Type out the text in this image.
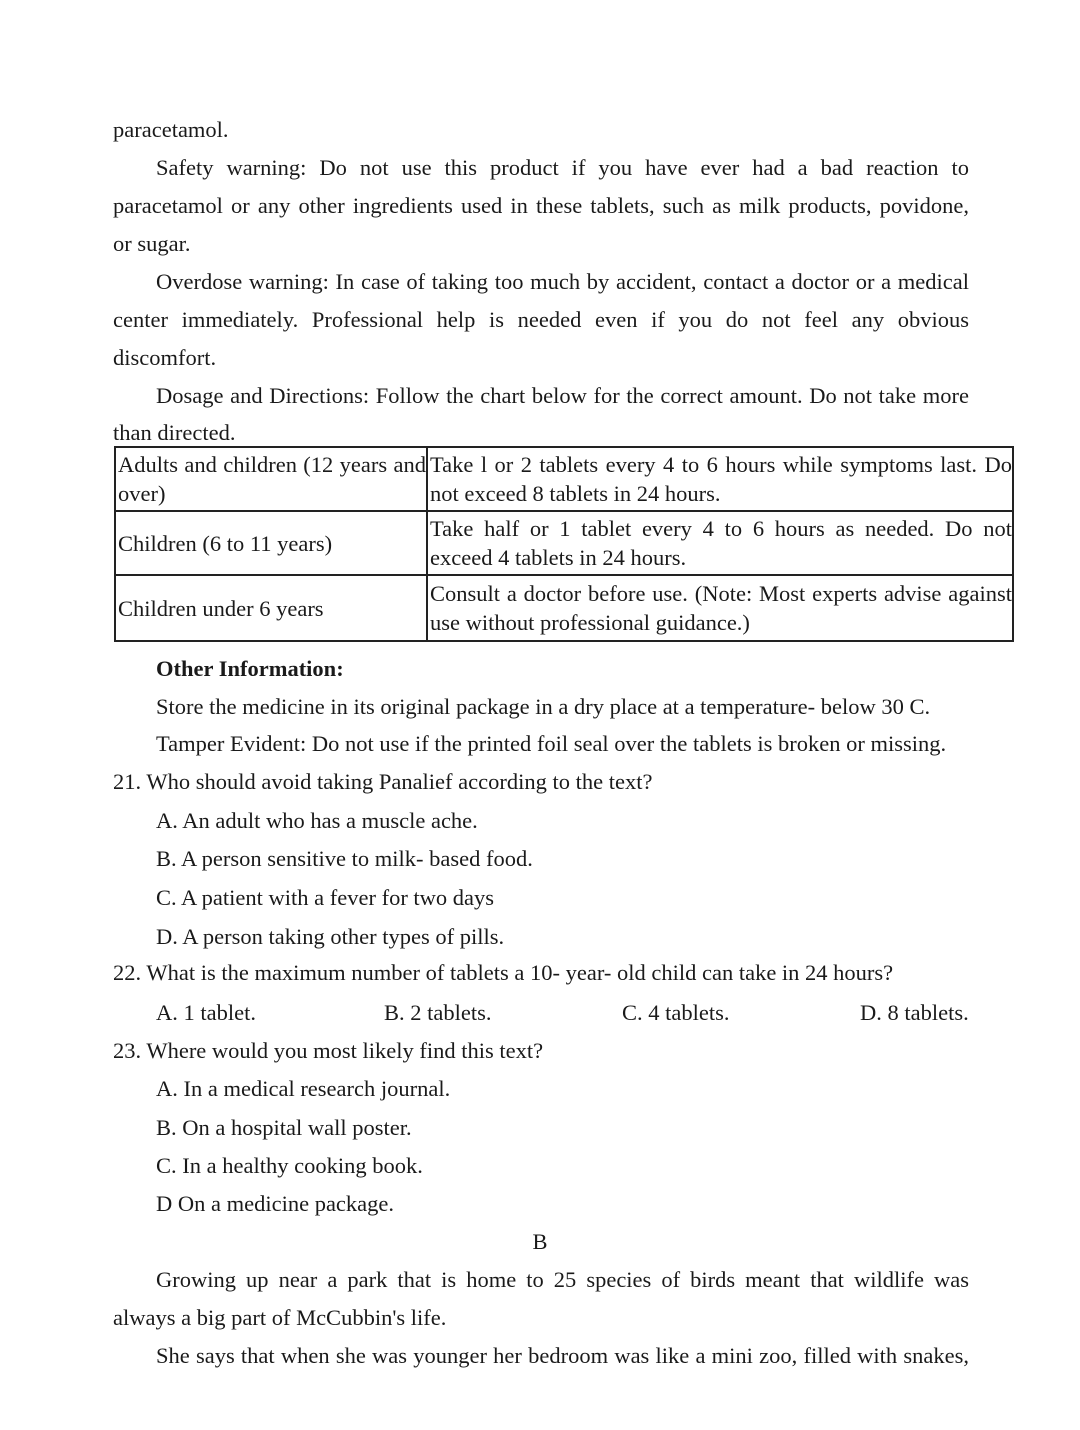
paracetamol.
Safety warning: Do not use this product if you have ever had a bad reaction to
paracetamol or any other ingredients used in these tablets, such as milk products, povidone,
or sugar.
Overdose warning: In case of taking too much by accident, contact a doctor or a medical
center immediately. Professional help is needed even if you do not feel any obvious
discomfort.
Dosage and Directions: Follow the chart below for the correct amount. Do not take more
than directed.
Adults and children (12 years and over)	Take l or 2 tablets every 4 to 6 hours while symptoms last. Do not exceed 8 tablets in 24 hours.
Children (6 to 11 years)	Take half or 1 tablet every 4 to 6 hours as needed. Do not exceed 4 tablets in 24 hours.
Children under 6 years	Consult a doctor before use. (Note: Most experts advise against use without professional guidance.)
Other Information:
Store the medicine in its original package in a dry place at a temperature- below 30 C.
Tamper Evident: Do not use if the printed foil seal over the tablets is broken or missing.
21. Who should avoid taking Panalief according to the text?
A. An adult who has a muscle ache.
B. A person sensitive to milk- based food.
C. A patient with a fever for two days
D. A person taking other types of pills.
22. What is the maximum number of tablets a 10- year- old child can take in 24 hours?
A. 1 tablet.	B. 2 tablets.	C. 4 tablets.	D. 8 tablets.
23. Where would you most likely find this text?
A. In a medical research journal.
B. On a hospital wall poster.
C. In a healthy cooking book.
D On a medicine package.
B
Growing up near a park that is home to 25 species of birds meant that wildlife was
always a big part of McCubbin's life.
She says that when she was younger her bedroom was like a mini zoo, filled with snakes,
